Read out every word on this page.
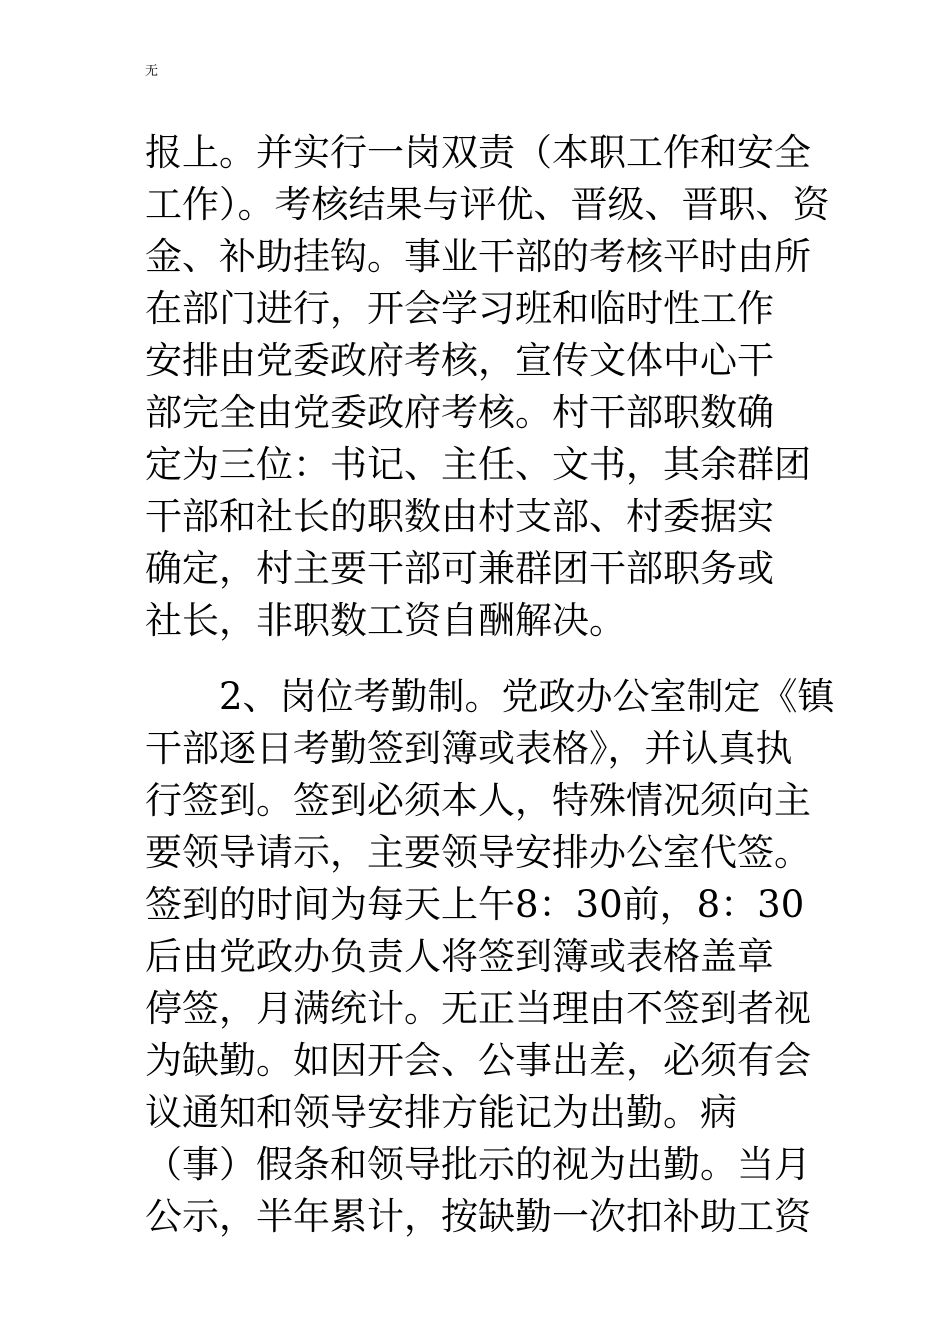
无
报上。并实行一岗双责（本职工作和安全
工作）。考核结果与评优、晋级、晋职、资
金、补助挂钩。事业干部的考核平时由所
在部门进行，开会学习班和临时性工作
安排由党委政府考核，宣传文体中心干
部完全由党委政府考核。村干部职数确
定为三位：书记、主任、文书，其余群团
干部和社长的职数由村支部、村委据实
确定，村主要干部可兼群团干部职务或
社长，非职数工资自酬解决。
2、岗位考勤制。党政办公室制定《镇
干部逐日考勤签到簿或表格》，并认真执
行签到。签到必须本人，特殊情况须向主
要领导请示，主要领导安排办公室代签。
签到的时间为每天上午8：30前，8：30
后由党政办负责人将签到簿或表格盖章
停签，月满统计。无正当理由不签到者视
为缺勤。如因开会、公事出差，必须有会
议通知和领导安排方能记为出勤。病
（事）假条和领导批示的视为出勤。当月
公示，半年累计，按缺勤一次扣补助工资
